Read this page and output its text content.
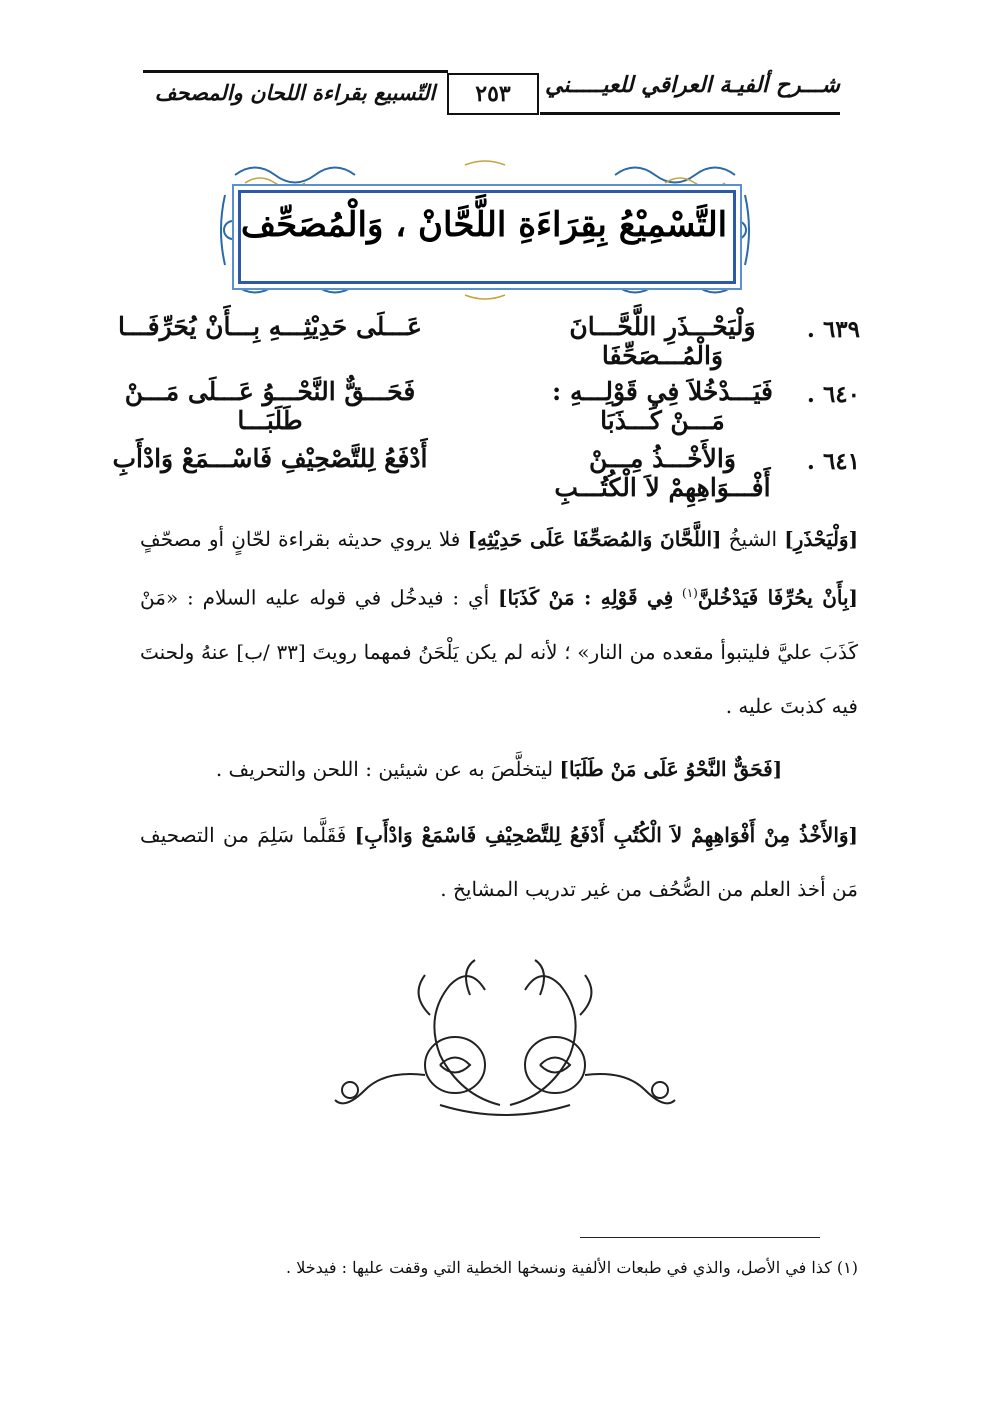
التّسبيع بقراءة اللحان والمصحف	٢٥٣	شـــرح ألفيـة العراقي للعيـــــني
التَّسْمِيْعُ بِقِرَاءَةِ اللَّحَّانْ ، وَالْمُصَحِّف
٦٣٩ .
وَلْيَحْـــذَرِ اللَّحَّـــانَ وَالْمُـــصَحِّفَا
عَـــلَى حَدِيْثِـــهِ بِـــأَنْ يُحَرِّفَـــا
٦٤٠ .
فَيَـــدْخُلاَ فِي قَوْلِـــهِ : مَـــنْ كَـــذَبَا
فَحَـــقٌّ النَّحْـــوُ عَـــلَى مَـــنْ طَلَبَـــا
٦٤١ .
وَالأَخْـــذُ مِـــنْ أَفْـــوَاهِهِمْ لاَ الْكُتُـــبِ
أَدْفَعُ لِلتَّصْحِيْفِ فَاسْـــمَعْ وَادْأَبِ
[وَلْيَحْذَرِ] الشيخُ [اللَّحَّانَ وَالمُصَحِّفَا عَلَى حَدِيْثِهِ] فلا يروي حديثه بقراءة لحّانٍ أو مصحّفٍ [بِأَنْ يحُرِّفَا فَيَدْخُلنَّ$^{(١)}$ فِي قَوْلِهِ : مَنْ كَذَبَا] أي : فيدخُل في قوله عليه السلام : «مَنْ كَذَبَ عليَّ فليتبوأ مقعده من النار» ؛ لأنه لم يكن يَلْحَنُ فمهما رويتَ [٣٣ /ب] عنهُ ولحنتَ فيه كذبتَ عليه .
[فَحَقٌّ النَّحْوُ عَلَى مَنْ طَلَبَا] ليتخلَّصَ به عن شيئين : اللحن والتحريف .
[وَالأَخْذُ مِنْ أَفْوَاهِهِمْ لاَ الْكُتُبِ أَدْفَعُ لِلتَّصْحِيْفِ فَاسْمَعْ وَادْأَبِ] فَقَلَّما سَلِمَ من التصحيف مَن أخذ العلم من الصُّحُف من غير تدريب المشايخ .
(١) كذا في الأصل، والذي في طبعات الألفية ونسخها الخطية التي وقفت عليها : فيدخلا .
